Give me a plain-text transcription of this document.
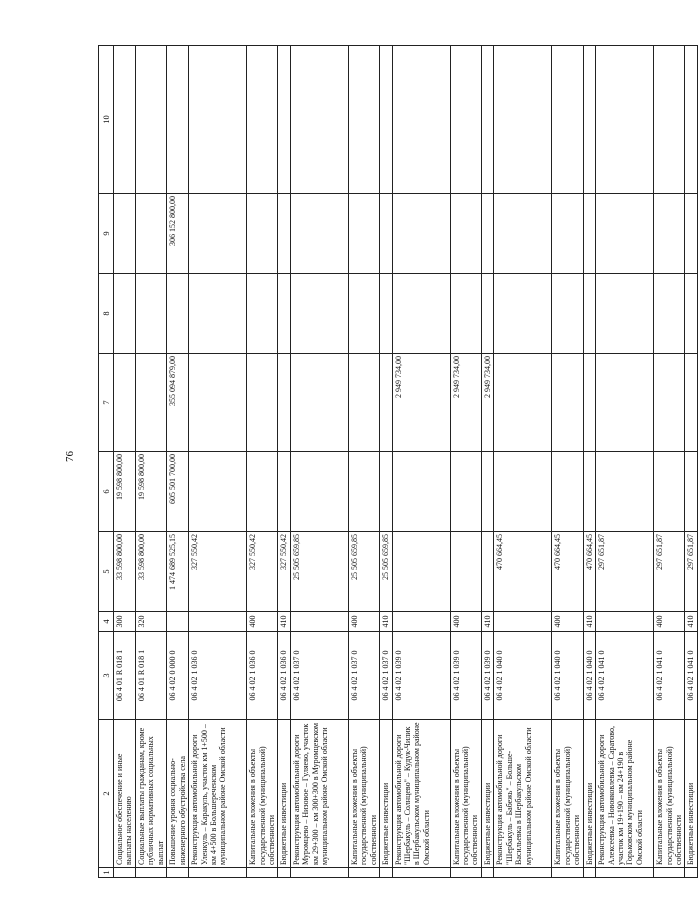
76
1	2	3	4	5	6	7	8	9	10
	Социальное обеспечение и иные выплаты населению	06 4 01 R 018 1	300	33 598 800,00	19 598 800,00				
	Социальные выплаты гражданам, кроме публичных нормативных социальных выплат	06 4 01 R 018 1	320	33 598 800,00	19 598 800,00				
	Повышение уровня социально-инженерного обустройства села	06 4 02 0 000 0		1 474 689 525,15	605 501 700,00	355 094 879,00		306 152 800,00	
	Реконструкция автомобильной дороги Уленкуль – Каракуль, участок км 1+500 – км 4+500 в Большереченском муниципальном районе Омской области	06 4 02 1 036 0		327 550,42					
	Капитальные вложения в объекты государственной (муниципальной) собственности	06 4 02 1 036 0	400	327 550,42					
	Бюджетные инвестиции	06 4 02 1 036 0	410	327 550,42					
	Реконструкция автомобильной дороги Муромцево – Низовое – Гуляево, участок км 29+300 – км 300+300 в Муромцевском муниципальном районе Омской области	06 4 02 1 037 0		25 505 659,85					
	Капитальные вложения в объекты государственной (муниципальной) собственности	06 4 02 1 037 0	400	25 505 659,85					
	Бюджетные инвестиции	06 4 02 1 037 0	410	25 505 659,85					
	Реконструкция автомобильной дороги "Шербакуль – Солнцево" – Кудук-Чилик в Шербакульском муниципальном районе Омской области	06 4 02 1 039 0				2 949 734,00			
	Капитальные вложения в объекты государственной (муниципальной) собственности	06 4 02 1 039 0	400			2 949 734,00			
	Бюджетные инвестиции	06 4 02 1 039 0	410			2 949 734,00			
	Реконструкция автомобильной дороги "Шербакуль – Бабежь" – Больше-Васильевка в Шербакульском муниципальном районе Омской области	06 4 02 1 040 0		470 664,45					
	Капитальные вложения в объекты государственной (муниципальной) собственности	06 4 02 1 040 0	400	470 664,45					
	Бюджетные инвестиции	06 4 02 1 040 0	410	470 664,45					
	Реконструкция автомобильной дороги Алексеевка – Новояковлевка – Саратово, участок км 19+190 – км 24+190 в Горьковском муниципальном районе Омской области	06 4 02 1 041 0		297 651,87					
	Капитальные вложения в объекты государственной (муниципальной) собственности	06 4 02 1 041 0	400	297 651,87					
	Бюджетные инвестиции	06 4 02 1 041 0	410	297 651,87					
